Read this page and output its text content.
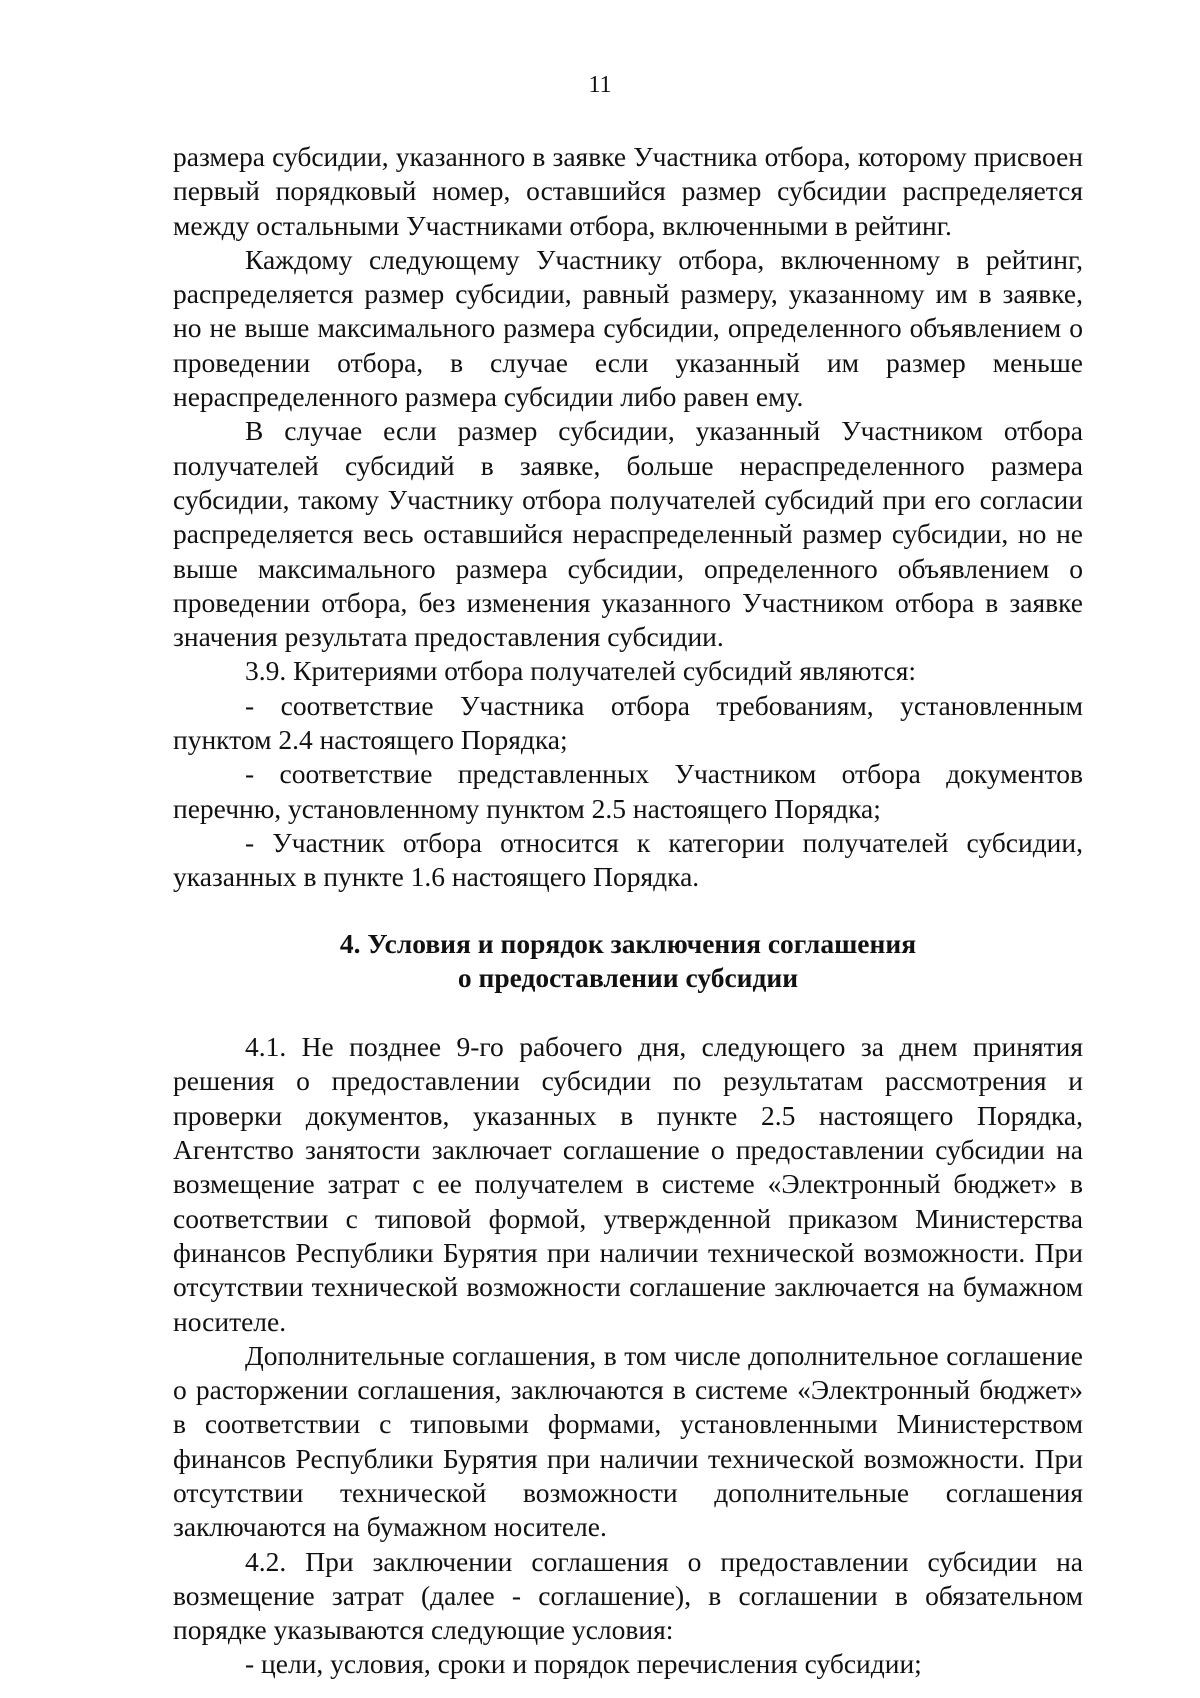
11

размера субсидии, указанного в заявке Участника отбора, которому присвоен первый порядковый номер, оставшийся размер субсидии распределяется между остальными Участниками отбора, включенными в рейтинг.

Каждому следующему Участнику отбора, включенному в рейтинг, распределяется размер субсидии, равный размеру, указанному им в заявке, но не выше максимального размера субсидии, определенного объявлением о проведении отбора, в случае если указанный им размер меньше нераспределенного размера субсидии либо равен ему.

В случае если размер субсидии, указанный Участником отбора получателей субсидий в заявке, больше нераспределенного размера субсидии, такому Участнику отбора получателей субсидий при его согласии распределяется весь оставшийся нераспределенный размер субсидии, но не выше максимального размера субсидии, определенного объявлением о проведении отбора, без изменения указанного Участником отбора в заявке значения результата предоставления субсидии.

3.9. Критериями отбора получателей субсидий являются:

- соответствие Участника отбора требованиям, установленным пунктом 2.4 настоящего Порядка;

- соответствие представленных Участником отбора документов перечню, установленному пунктом 2.5 настоящего Порядка;

- Участник отбора относится к категории получателей субсидии, указанных в пункте 1.6 настоящего Порядка.

4. Условия и порядок заключения соглашения
о предоставлении субсидии

4.1. Не позднее 9-го рабочего дня, следующего за днем принятия решения о предоставлении субсидии по результатам рассмотрения и проверки документов, указанных в пункте 2.5 настоящего Порядка, Агентство занятости заключает соглашение о предоставлении субсидии на возмещение затрат с ее получателем в системе «Электронный бюджет» в соответствии с типовой формой, утвержденной приказом Министерства финансов Республики Бурятия при наличии технической возможности. При отсутствии технической возможности соглашение заключается на бумажном носителе.

Дополнительные соглашения, в том числе дополнительное соглашение о расторжении соглашения, заключаются в системе «Электронный бюджет» в соответствии с типовыми формами, установленными Министерством финансов Республики Бурятия при наличии технической возможности. При отсутствии технической возможности дополнительные соглашения заключаются на бумажном носителе.

4.2. При заключении соглашения о предоставлении субсидии на возмещение затрат (далее - соглашение), в соглашении в обязательном порядке указываются следующие условия:

- цели, условия, сроки и порядок перечисления субсидии;
